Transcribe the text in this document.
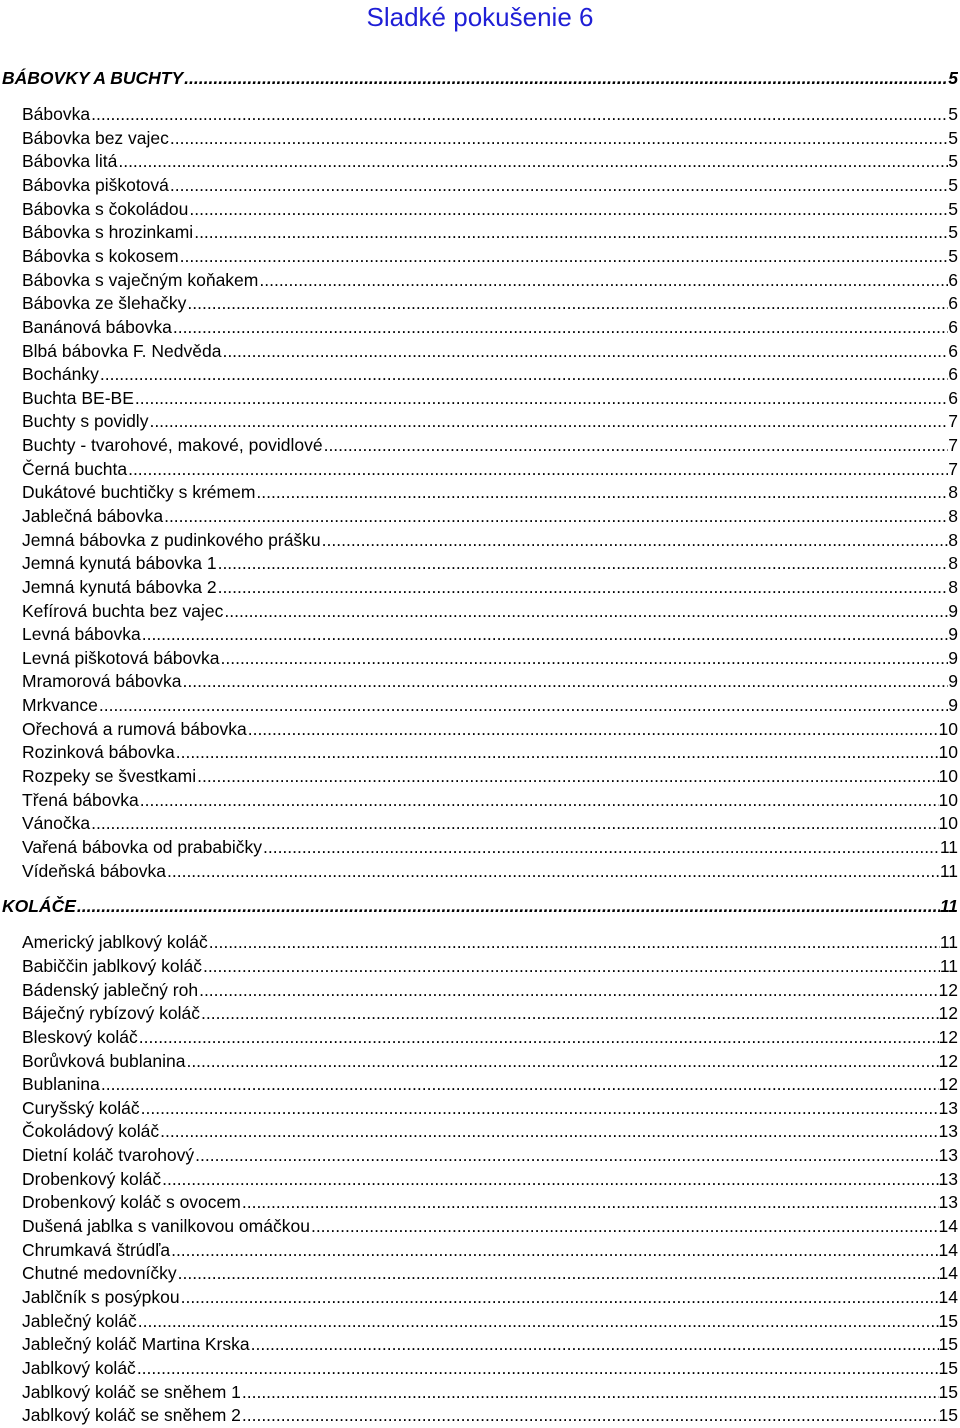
Sladké pokušenie 6
BÁBOVKY A BUCHTY .....	5
Bábovka .....	5
Bábovka bez vajec .....	5
Bábovka litá .....	5
Bábovka piškotová .....	5
Bábovka s čokoládou .....	5
Bábovka s hrozinkami .....	5
Bábovka s kokosem .....	5
Bábovka s vaječným koňakem .....	6
Bábovka ze šlehačky .....	6
Banánová bábovka .....	6
Blbá bábovka F. Nedvěda .....	6
Bochánky .....	6
Buchta BE-BE .....	6
Buchty s povidly .....	7
Buchty - tvarohové, makové, povidlové .....	7
Černá buchta .....	7
Dukátové buchtičky s krémem .....	8
Jablečná bábovka .....	8
Jemná bábovka z pudinkového prášku .....	8
Jemná kynutá bábovka 1 .....	8
Jemná kynutá bábovka 2 .....	8
Kefírová buchta bez vajec .....	9
Levná bábovka .....	9
Levná piškotová bábovka .....	9
Mramorová bábovka .....	9
Mrkvance .....	9
Ořechová a rumová bábovka .....	10
Rozinková bábovka .....	10
Rozpeky se švestkami .....	10
Třená bábovka .....	10
Vánočka .....	10
Vařená bábovka od prababičky .....	11
Vídeňská bábovka .....	11
KOLÁČE .....	11
Americký jablkový koláč .....	11
Babiččin jablkový koláč .....	11
Bádenský jablečný roh .....	12
Báječný rybízový koláč .....	12
Bleskový koláč .....	12
Borůvková bublanina .....	12
Bublanina .....	12
Curyšský koláč .....	13
Čokoládový koláč .....	13
Dietní koláč tvarohový .....	13
Drobenkový koláč .....	13
Drobenkový koláč s ovocem .....	13
Dušená jablka s vanilkovou omáčkou .....	14
Chrumkavá štrúdľa .....	14
Chutné medovníčky .....	14
Jablčník s posýpkou .....	14
Jablečný koláč .....	15
Jablečný koláč Martina Krska .....	15
Jablkový koláč .....	15
Jablkový koláč se sněhem 1 .....	15
Jablkový koláč se sněhem 2 .....	15
